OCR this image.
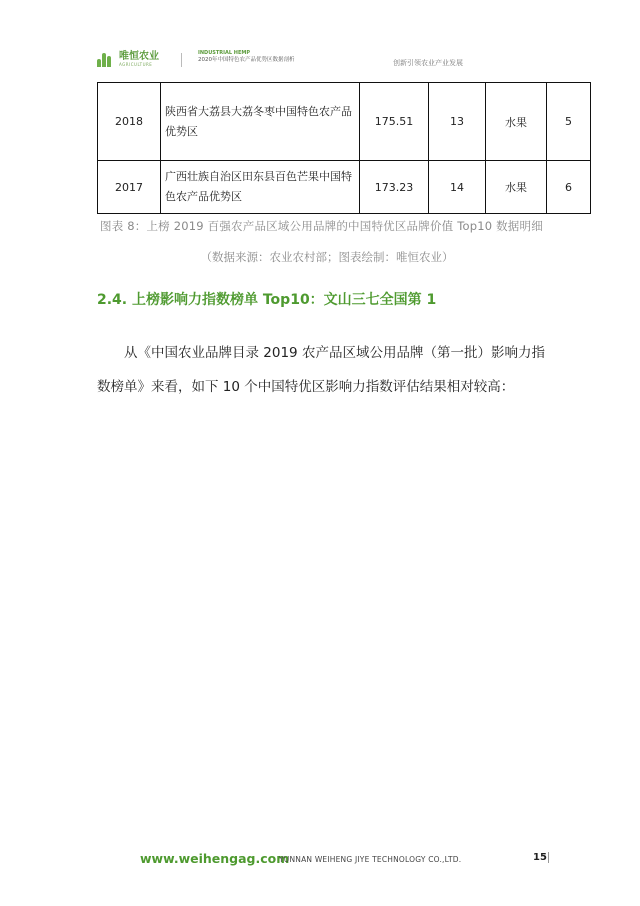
唯恒农业
AGRICULTURE
INDUSTRIAL HEMP
2020年中国特色农产品优势区数据剖析	创新引领农业产业发展
2018	陕西省大荔县大荔冬枣中国特色农产品优势区	175.51	13	水果	5
2017	广西壮族自治区田东县百色芒果中国特色农产品优势区	173.23	14	水果	6
图表 8：上榜 2019 百强农产品区域公用品牌的中国特优区品牌价值 Top10 数据明细
（数据来源：农业农村部；图表绘制：唯恒农业）
2.4. 上榜影响力指数榜单 Top10：文山三七全国第 1
从《中国农业品牌目录 2019 农产品区域公用品牌（第一批）影响力指数榜单》来看，如下 10 个中国特优区影响力指数评估结果相对较高：
www.weihengag.com
YUNNAN WEIHENG JIYE TECHNOLOGY CO.,LTD.	15
